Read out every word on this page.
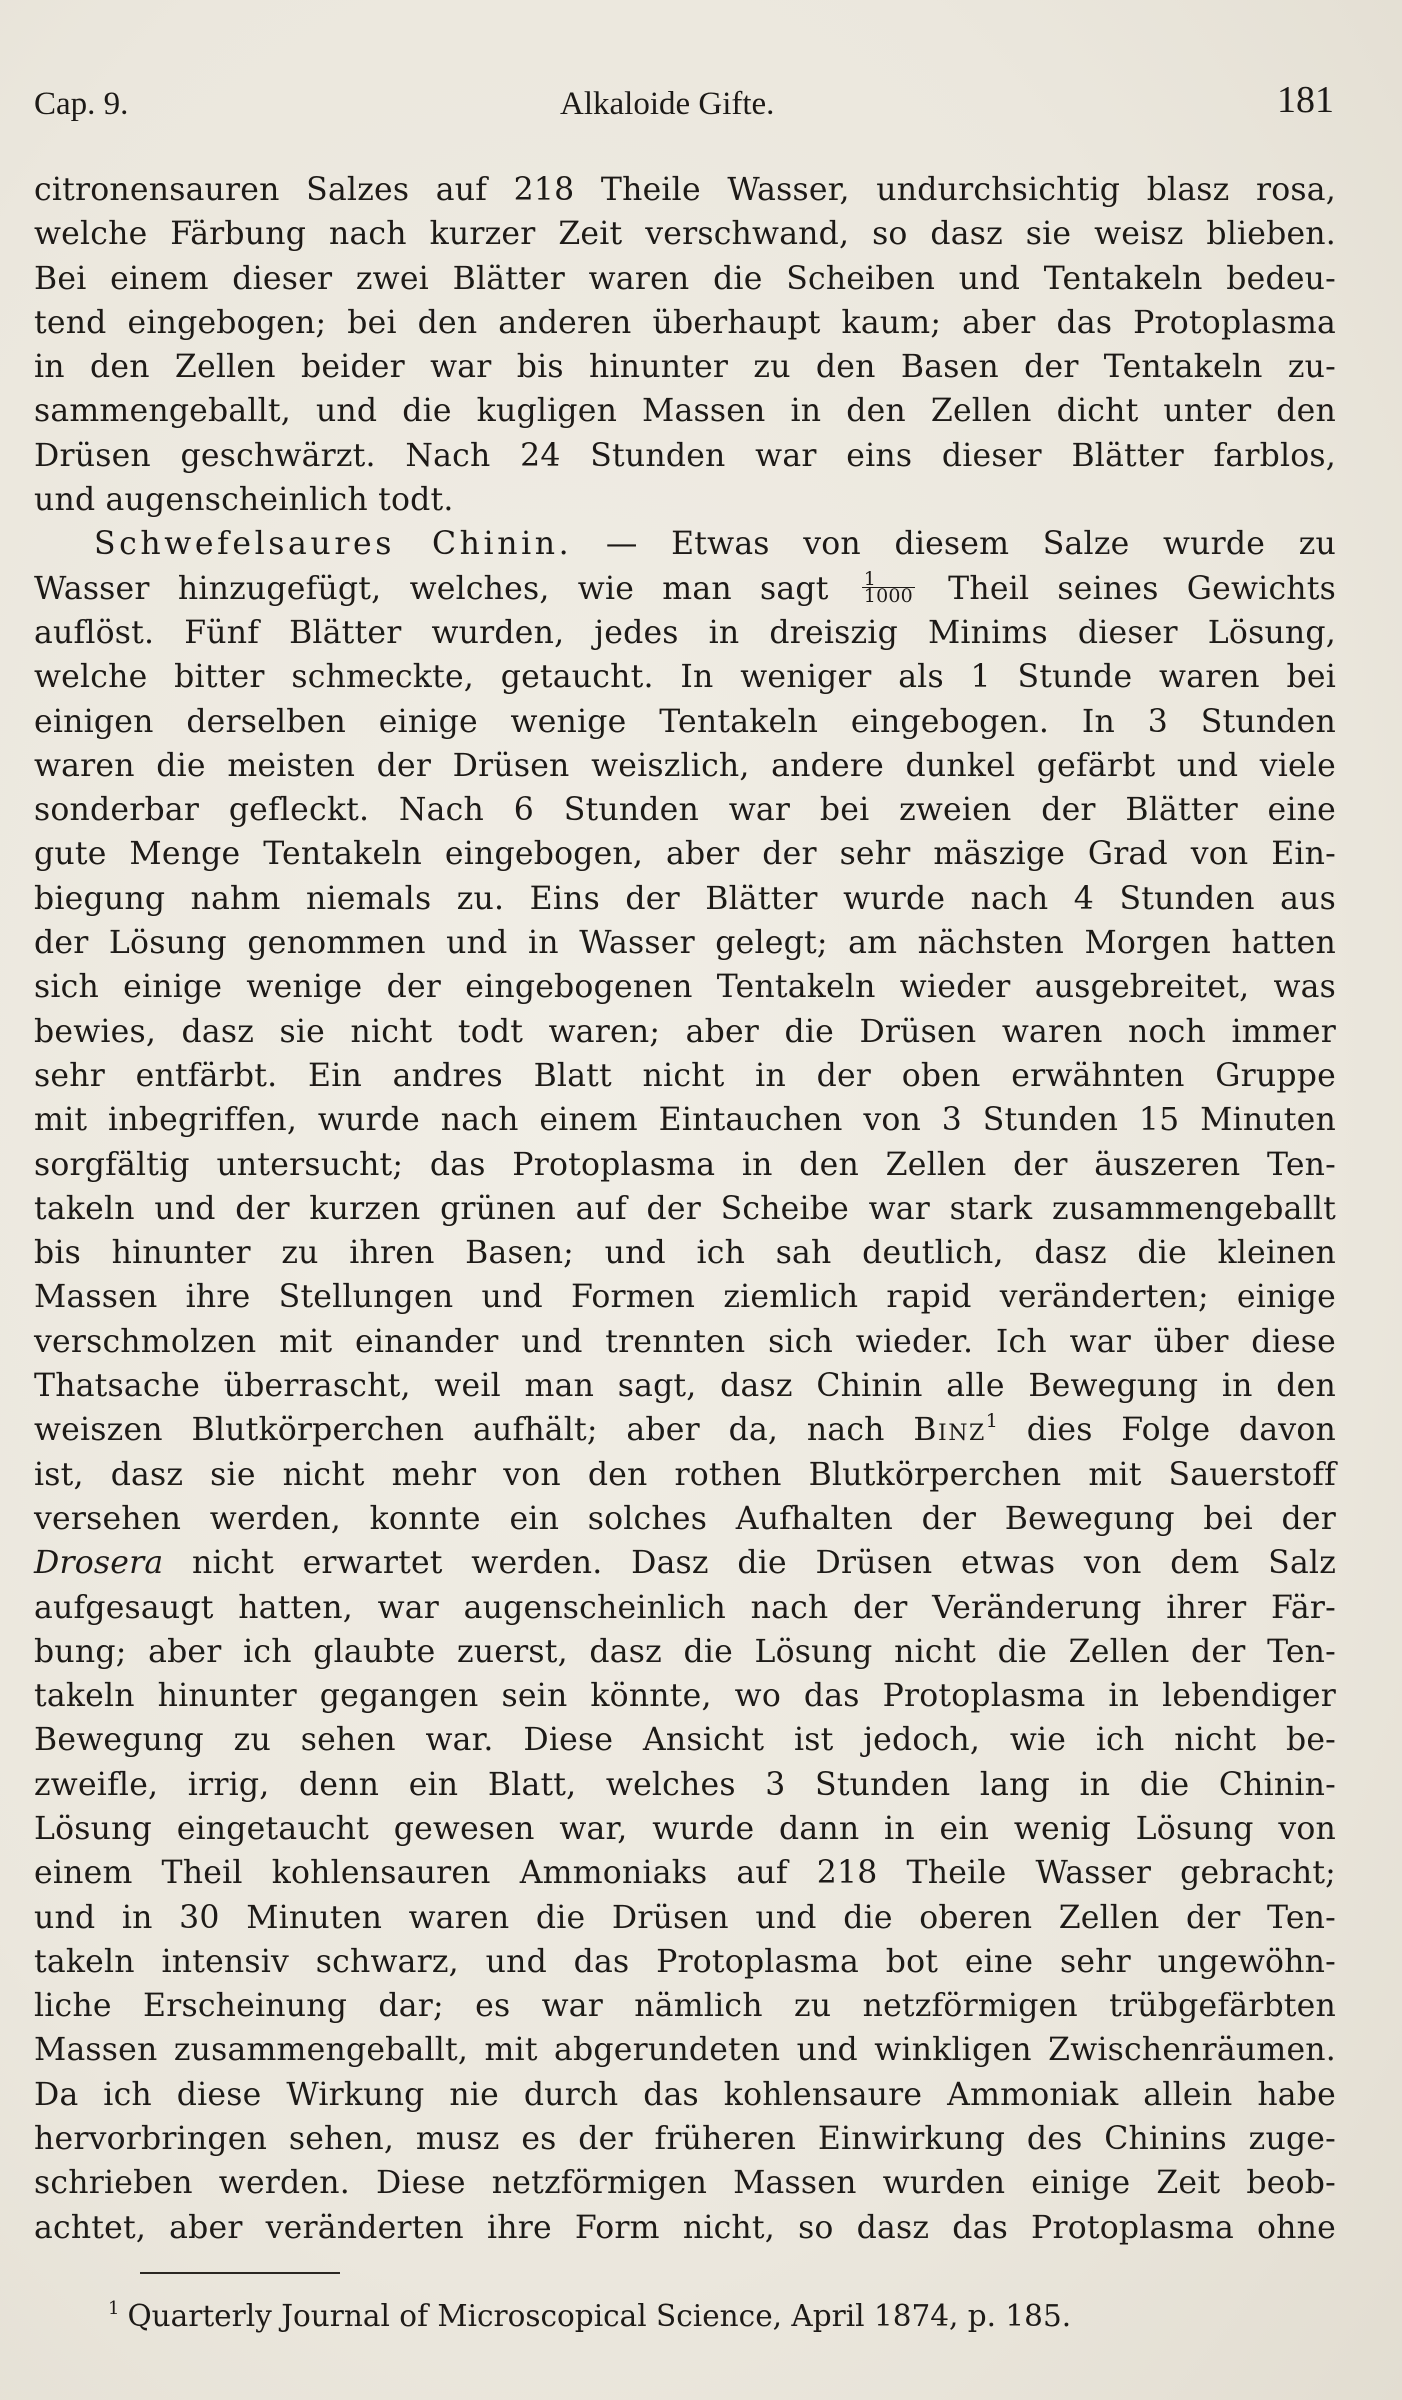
Cap. 9.	Alkaloide Gifte.	181
citronensauren Salzes auf 218 Theile Wasser, undurchsichtig blasz rosa,
welche Färbung nach kurzer Zeit verschwand, so dasz sie weisz blieben.
Bei einem dieser zwei Blätter waren die Scheiben und Tentakeln bedeu-
tend eingebogen; bei den anderen überhaupt kaum; aber das Protoplasma
in den Zellen beider war bis hinunter zu den Basen der Tentakeln zu-
sammengeballt, und die kugligen Massen in den Zellen dicht unter den
Drüsen geschwärzt. Nach 24 Stunden war eins dieser Blätter farblos,
und augenscheinlich todt.
Schwefelsaures Chinin. — Etwas von diesem Salze wurde zu
Wasser hinzugefügt, welches, wie man sagt $\frac{1}{1000}$ Theil seines Gewichts
auflöst. Fünf Blätter wurden, jedes in dreiszig Minims dieser Lösung,
welche bitter schmeckte, getaucht. In weniger als 1 Stunde waren bei
einigen derselben einige wenige Tentakeln eingebogen. In 3 Stunden
waren die meisten der Drüsen weiszlich, andere dunkel gefärbt und viele
sonderbar gefleckt. Nach 6 Stunden war bei zweien der Blätter eine
gute Menge Tentakeln eingebogen, aber der sehr mäszige Grad von Ein-
biegung nahm niemals zu. Eins der Blätter wurde nach 4 Stunden aus
der Lösung genommen und in Wasser gelegt; am nächsten Morgen hatten
sich einige wenige der eingebogenen Tentakeln wieder ausgebreitet, was
bewies, dasz sie nicht todt waren; aber die Drüsen waren noch immer
sehr entfärbt. Ein andres Blatt nicht in der oben erwähnten Gruppe
mit inbegriffen, wurde nach einem Eintauchen von 3 Stunden 15 Minuten
sorgfältig untersucht; das Protoplasma in den Zellen der äuszeren Ten-
takeln und der kurzen grünen auf der Scheibe war stark zusammengeballt
bis hinunter zu ihren Basen; und ich sah deutlich, dasz die kleinen
Massen ihre Stellungen und Formen ziemlich rapid veränderten; einige
verschmolzen mit einander und trennten sich wieder. Ich war über diese
Thatsache überrascht, weil man sagt, dasz Chinin alle Bewegung in den
weiszen Blutkörperchen aufhält; aber da, nach Binz$^1$ dies Folge davon
ist, dasz sie nicht mehr von den rothen Blutkörperchen mit Sauerstoff
versehen werden, konnte ein solches Aufhalten der Bewegung bei der
Drosera nicht erwartet werden. Dasz die Drüsen etwas von dem Salz
aufgesaugt hatten, war augenscheinlich nach der Veränderung ihrer Fär-
bung; aber ich glaubte zuerst, dasz die Lösung nicht die Zellen der Ten-
takeln hinunter gegangen sein könnte, wo das Protoplasma in lebendiger
Bewegung zu sehen war. Diese Ansicht ist jedoch, wie ich nicht be-
zweifle, irrig, denn ein Blatt, welches 3 Stunden lang in die Chinin-
Lösung eingetaucht gewesen war, wurde dann in ein wenig Lösung von
einem Theil kohlensauren Ammoniaks auf 218 Theile Wasser gebracht;
und in 30 Minuten waren die Drüsen und die oberen Zellen der Ten-
takeln intensiv schwarz, und das Protoplasma bot eine sehr ungewöhn-
liche Erscheinung dar; es war nämlich zu netzförmigen trübgefärbten
Massen zusammengeballt, mit abgerundeten und winkligen Zwischenräumen.
Da ich diese Wirkung nie durch das kohlensaure Ammoniak allein habe
hervorbringen sehen, musz es der früheren Einwirkung des Chinins zuge-
schrieben werden. Diese netzförmigen Massen wurden einige Zeit beob-
achtet, aber veränderten ihre Form nicht, so dasz das Protoplasma ohne
$^1$ Quarterly Journal of Microscopical Science, April 1874, p. 185.
